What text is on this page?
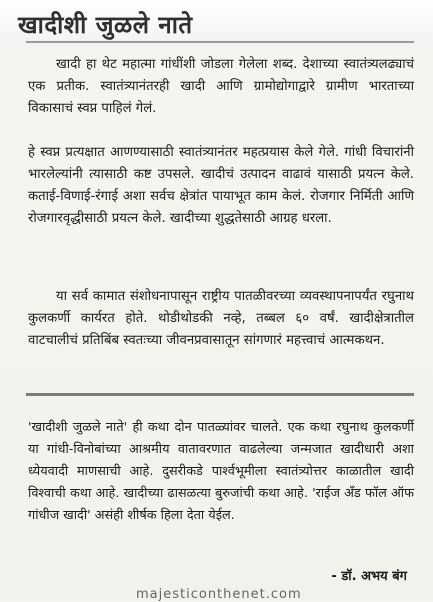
खादीशी जुळले नाते

खादी हा थेट महात्मा गांधींशी जोडला गेलेला शब्द. देशाच्या स्वातंत्र्यलढ्याचं एक प्रतीक. स्वातंत्र्यानंतरही खादी आणि ग्रामोद्योगाद्वारे ग्रामीण भारताच्या विकासाचं स्वप्न पाहिलं गेलं.

हे स्वप्न प्रत्यक्षात आणण्यासाठी स्वातंत्र्यानंतर महत्प्रयास केले गेले. गांधी विचारांनी भारलेल्यांनी त्यासाठी कष्ट उपसले. खादीचं उत्पादन वाढावं यासाठी प्रयत्न केले. कताई-विणाई-रंगाई अशा सर्वच क्षेत्रांत पायाभूत काम केलं. रोजगार निर्मिती आणि रोजगारवृद्धीसाठी प्रयत्न केले. खादीच्या शुद्धतेसाठी आग्रह धरला.

या सर्व कामात संशोधनापासून राष्ट्रीय पातळीवरच्या व्यवस्थापनापर्यंत रघुनाथ कुलकर्णी कार्यरत होते. थोडीथोडकी नव्हे, तब्बल ६० वर्षं. खादीक्षेत्रातील वाटचालीचं प्रतिबिंब स्वतःच्या जीवनप्रवासातून सांगणारं महत्त्वाचं आत्मकथन.

'खादीशी जुळले नाते' ही कथा दोन पातळ्यांवर चालते. एक कथा रघुनाथ कुलकर्णी या गांधी-विनोबांच्या आश्रमीय वातावरणात वाढलेल्या जन्मजात खादीधारी अशा ध्येयवादी माणसाची आहे. दुसरीकडे पार्श्वभूमीला स्वातंत्र्योत्तर काळातील खादी विश्वाची कथा आहे. खादीच्या ढासळत्या बुरुजांची कथा आहे. 'राईज अँड फॉल ऑफ गांधीज खादी' असंही शीर्षक हिला देता येईल.
- डॉ. अभय बंग
majesticonthenet.com
